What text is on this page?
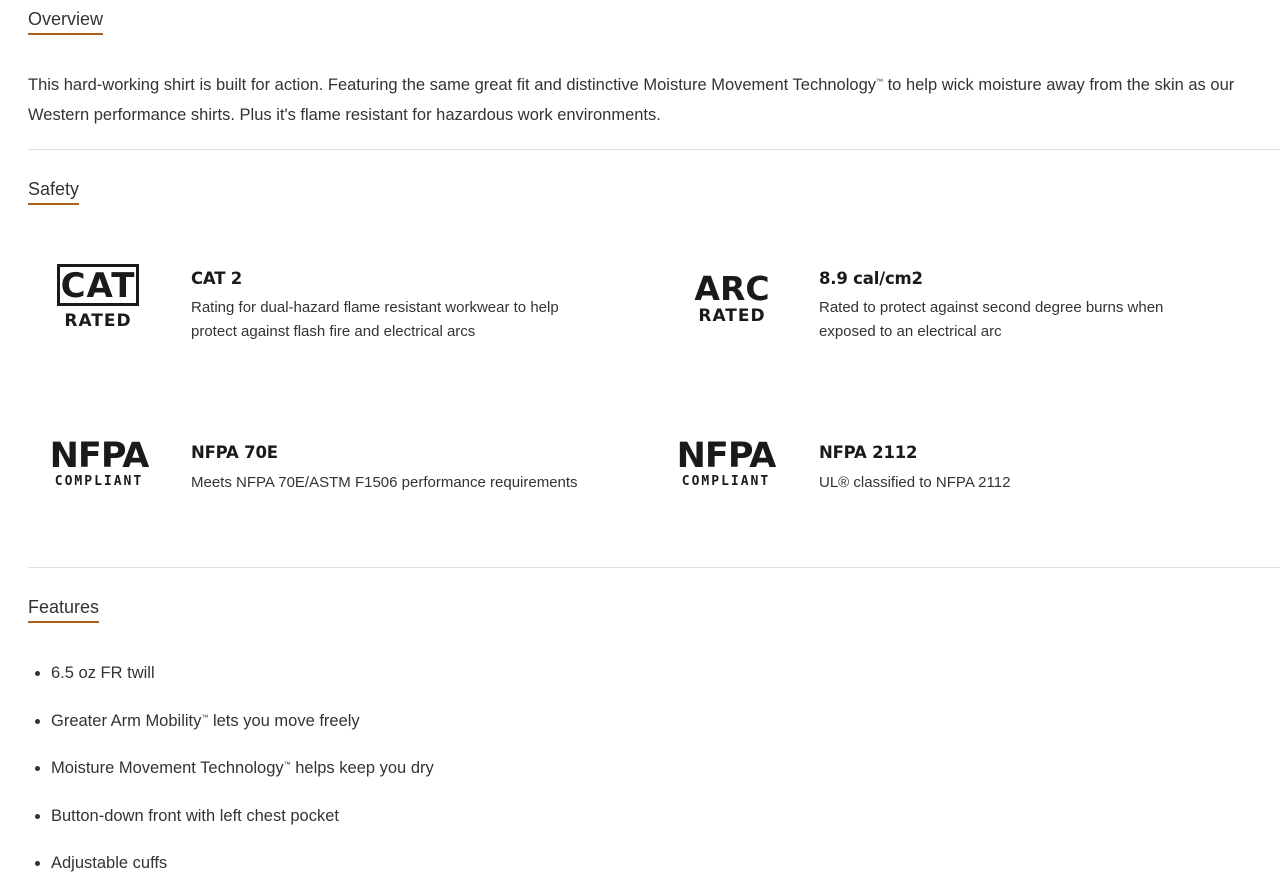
Overview

This hard-working shirt is built for action. Featuring the same great fit and distinctive Moisture Movement Technology™ to help wick moisture away from the skin as our Western performance shirts. Plus it's flame resistant for hazardous work environments.

Safety
CAT
RATED
CAT 2

Rating for dual-hazard flame resistant workwear to help protect against flash fire and electrical arcs

ARC
RATED
8.9 cal/cm2

Rated to protect against second degree burns when exposed to an electrical arc

NFPA
COMPLIANT
NFPA 70E

Meets NFPA 70E/ASTM F1506 performance requirements

NFPA
COMPLIANT
NFPA 2112

UL® classified to NFPA 2112

Features
• 6.5 oz FR twill
• Greater Arm Mobility™ lets you move freely
• Moisture Movement Technology™ helps keep you dry
• Button-down front with left chest pocket
• Adjustable cuffs
